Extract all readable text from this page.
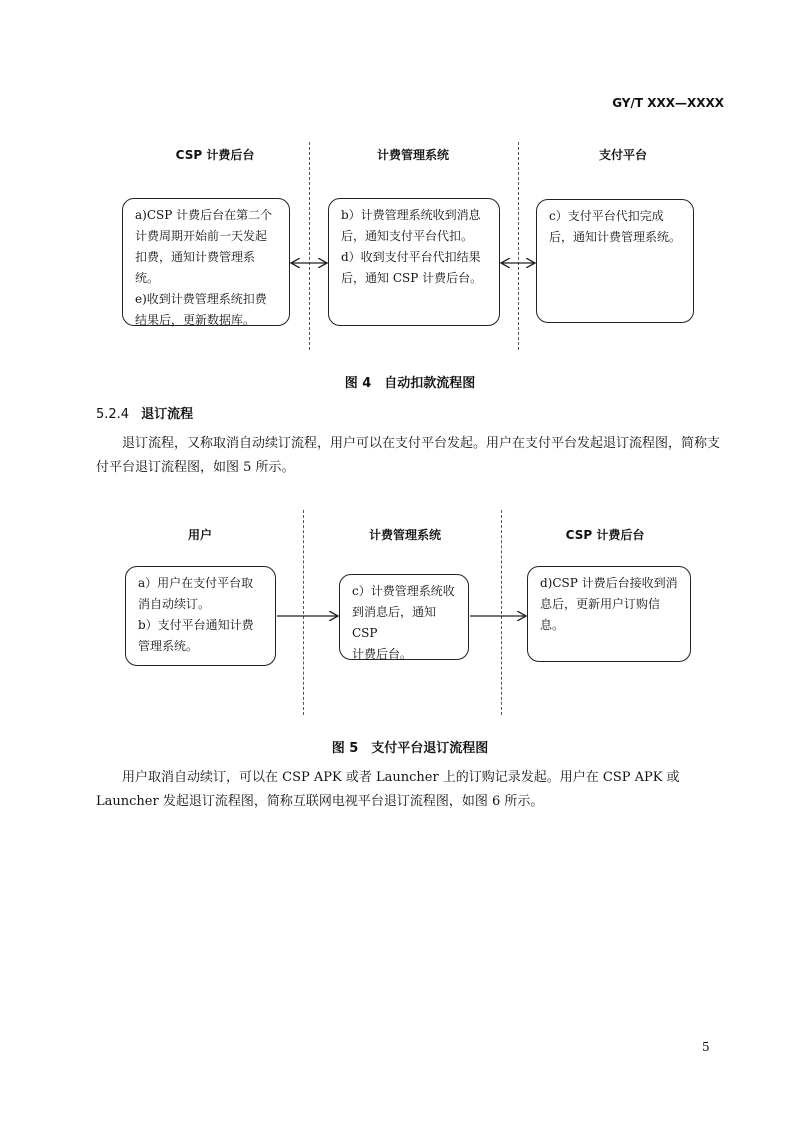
GY/T XXX—XXXX
CSP 计费后台	计费管理系统	支付平台
a)CSP 计费后台在第二个
计费周期开始前一天发起
扣费，通知计费管理系统。
e)收到计费管理系统扣费
结果后，更新数据库。
b）计费管理系统收到消息
后，通知支付平台代扣。
d）收到支付平台代扣结果
后，通知 CSP 计费后台。
c）支付平台代扣完成
后，通知计费管理系统。
图 4　自动扣款流程图
5.2.4 退订流程
退订流程，又称取消自动续订流程，用户可以在支付平台发起。用户在支付平台发起退订流程图，简称支付平台退订流程图，如图 5 所示。
用户	计费管理系统	CSP 计费后台
a）用户在支付平台取
消自动续订。
b）支付平台通知计费
管理系统。
c）计费管理系统收
到消息后，通知 CSP
计费后台。
d)CSP 计费后台接收到消
息后，更新用户订购信息。
图 5　支付平台退订流程图
用户取消自动续订，可以在 CSP APK 或者 Launcher 上的订购记录发起。用户在 CSP APK 或 Launcher 发起退订流程图，简称互联网电视平台退订流程图，如图 6 所示。
5
